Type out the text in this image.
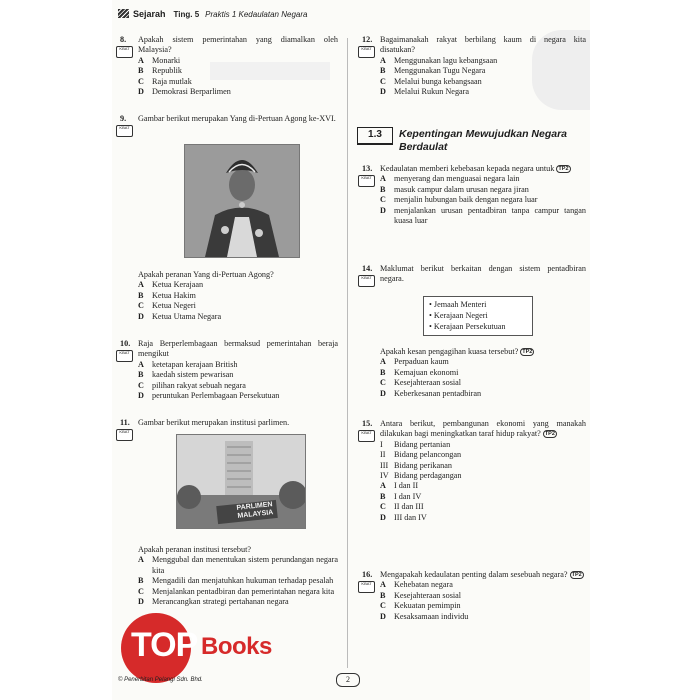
Sejarah Ting. 5 Praktis 1 Kedaulatan Negara
8.
KBAT
Apakah sistem pemerintahan yang diamalkan oleh Malaysia?
A Monarki
B	Republik
C Raja mutlak
D Demokrasi Berparlimen
9.
KBAT
Gambar berikut merupakan Yang di-Pertuan Agong ke-XVI.
Apakah peranan Yang di-Pertuan Agong?
A Ketua Kerajaan
B	Ketua Hakim
C Ketua Negeri
D Ketua Utama Negara
10.
KBAT
Raja Berperlembagaan bermaksud pemerintahan beraja mengikut
A ketetapan kerajaan British
B	kaedah sistem pewarisan
C pilihan rakyat sebuah negara
D peruntukan Perlembagaan Persekutuan
11.
KBAT
Gambar berikut merupakan institusi parlimen.
Apakah peranan institusi tersebut?
A Menggubal dan menentukan sistem perundangan negara kita
B	Mengadili dan menjatuhkan hukuman terhadap pesalah
C Menjalankan pentadbiran dan pemerintahan negara kita
D Merancangkan strategi pertahanan negara
PARLIMEN MALAYSIA
12.
KBAT
Bagaimanakah rakyat berbilang kaum di negara kita disatukan?
A Menggunakan lagu kebangsaan
B	Menggunakan Tugu Negara
C Melalui bunga kebangsaan
D Melalui Rukun Negara
13.
KBAT
Kedaulatan memberi kebebasan kepada negara untuk TP2
A menyerang dan menguasai negara lain
B	masuk campur dalam urusan negara jiran
C menjalin hubungan baik dengan negara luar
D menjalankan urusan pentadbiran tanpa campur tangan kuasa luar
14.
KBAT
Maklumat berikut berkaitan dengan sistem pentadbiran negara.
Apakah kesan pengagihan kuasa tersebut? TP2
A Perpaduan kaum
B	Kemajuan ekonomi
C Kesejahteraan sosial
D Keberkesanan pentadbiran
15.
KBAT
Antara berikut, pembangunan ekonomi yang manakah dilakukan bagi meningkatkan taraf hidup rakyat? TP2
I	Bidang pertanian
II	Bidang pelancongan
III Bidang perikanan
IV Bidang perdagangan
A I dan II
B	I dan IV
C II dan III
D III dan IV
16.
KBAT
Mengapakah kedaulatan penting dalam sesebuah negara? TP2
A Kehebatan negara
B	Kesejahteraan sosial
C Kekuatan pemimpin
D Kesaksamaan individu
1.3	Kepentingan Mewujudkan Negara Berdaulat
• Jemaah Menteri
• Kerajaan Negeri
• Kerajaan Persekutuan
TOP Books
© Penerbitan Pelangi Sdn. Bhd.	2
